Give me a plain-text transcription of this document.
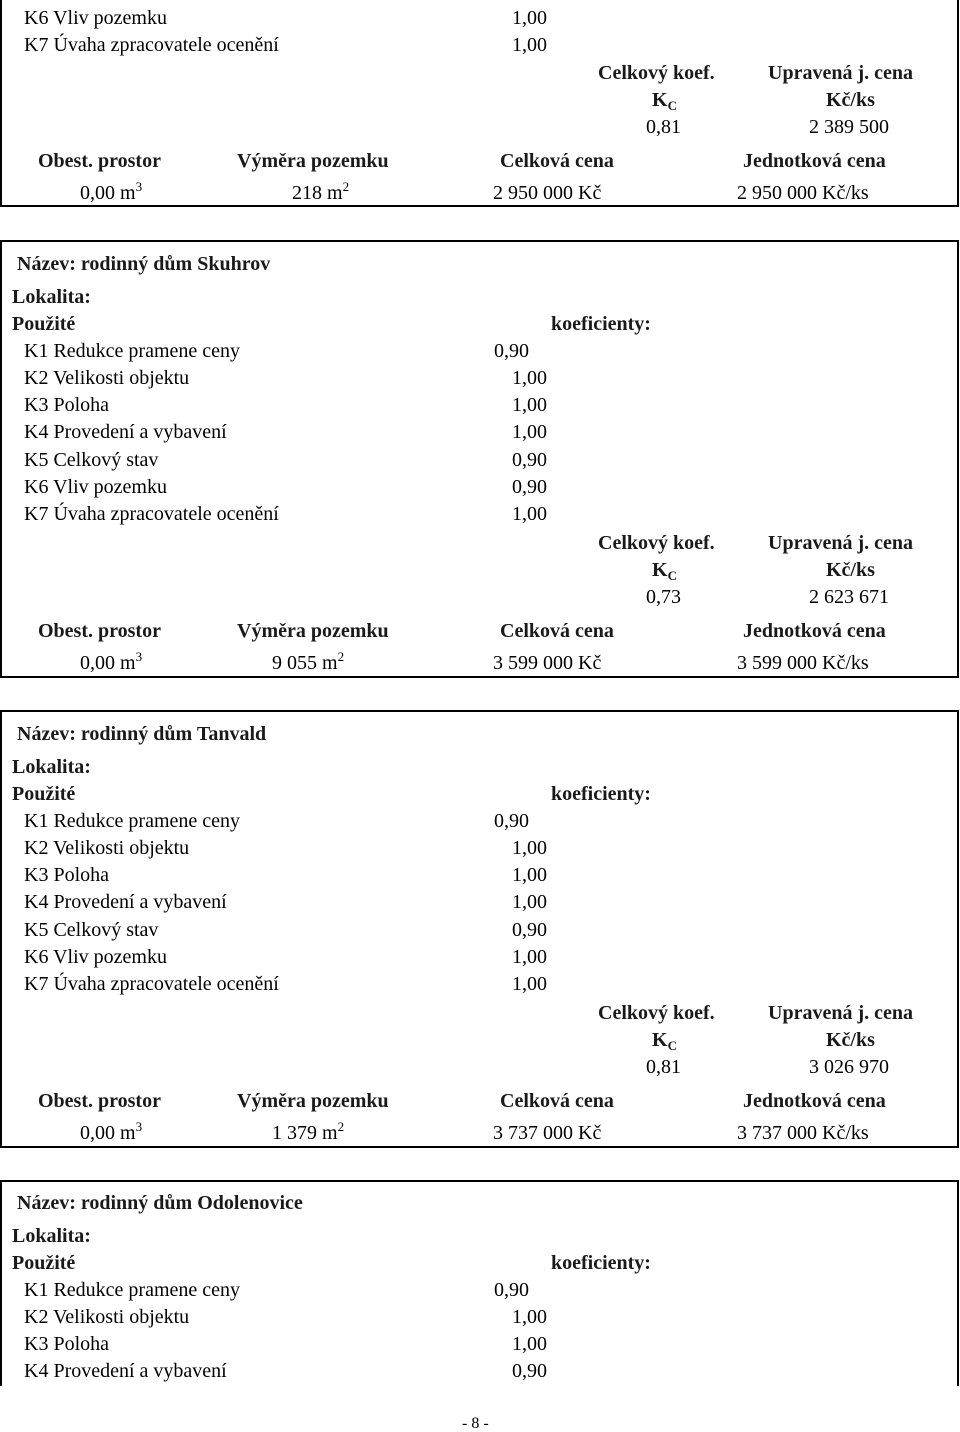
K6 Vliv pozemku	1,00
K7 Úvaha zpracovatele ocenění	1,00
Celkový koef.	Upravená j. cena
$K_C$	Kč/ks
0,81	2 389 500
Obest. prostor	Výměra pozemku	Celková cena	Jednotková cena
0,00 $m^3$	218 $m^2$	2 950 000 Kč	2 950 000 Kč/ks
Název: rodinný dům Skuhrov
Lokalita:
Použité	koeficienty:
K1 Redukce pramene ceny	0,90
K2 Velikosti objektu	1,00
K3 Poloha	1,00
K4 Provedení a vybavení	1,00
K5 Celkový stav	0,90
K6 Vliv pozemku	0,90
K7 Úvaha zpracovatele ocenění	1,00
Celkový koef.	Upravená j. cena
$K_C$	Kč/ks
0,73	2 623 671
Obest. prostor	Výměra pozemku	Celková cena	Jednotková cena
0,00 $m^3$	9 055 $m^2$	3 599 000 Kč	3 599 000 Kč/ks
Název: rodinný dům Tanvald
Lokalita:
Použité	koeficienty:
K1 Redukce pramene ceny	0,90
K2 Velikosti objektu	1,00
K3 Poloha	1,00
K4 Provedení a vybavení	1,00
K5 Celkový stav	0,90
K6 Vliv pozemku	1,00
K7 Úvaha zpracovatele ocenění	1,00
Celkový koef.	Upravená j. cena
$K_C$	Kč/ks
0,81	3 026 970
Obest. prostor	Výměra pozemku	Celková cena	Jednotková cena
0,00 $m^3$	1 379 $m^2$	3 737 000 Kč	3 737 000 Kč/ks
Název: rodinný dům Odolenovice
Lokalita:
Použité	koeficienty:
K1 Redukce pramene ceny	0,90
K2 Velikosti objektu	1,00
K3 Poloha	1,00
K4 Provedení a vybavení	0,90
- 8 -
